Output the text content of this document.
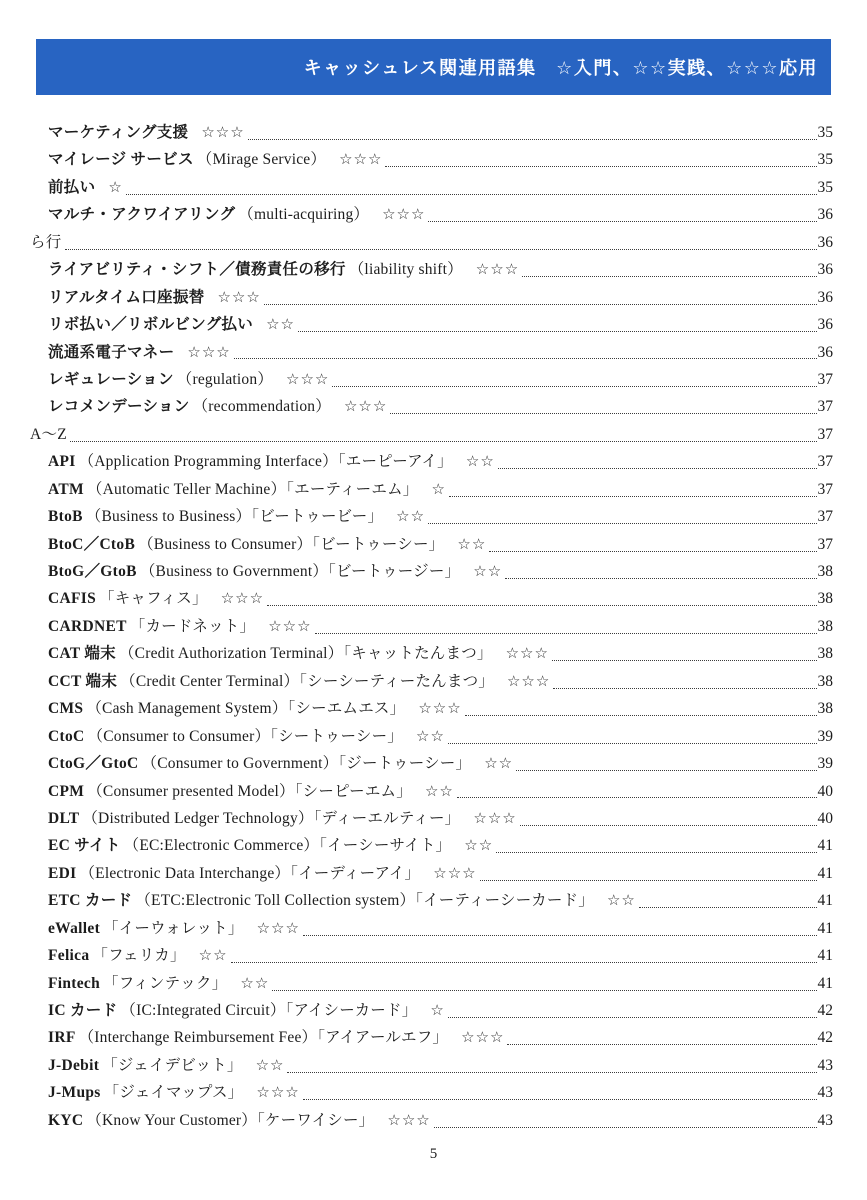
キャッシュレス関連用語集　☆入門、☆☆実践、☆☆☆応用
マーケティング支援 ☆☆☆	35
マイレージ サービス （Mirage Service） ☆☆☆	35
前払い ☆	35
マルチ・アクワイアリング （multi-acquiring） ☆☆☆	36
ら行	36
ライアビリティ・シフト／債務責任の移行 （liability shift） ☆☆☆	36
リアルタイム口座振替 ☆☆☆	36
リボ払い／リボルビング払い ☆☆	36
流通系電子マネー ☆☆☆	36
レギュレーション （regulation） ☆☆☆	37
レコメンデーション （recommendation） ☆☆☆	37
A～Z	37
API （Application Programming Interface）「エーピーアイ」 ☆☆	37
ATM （Automatic Teller Machine）「エーティーエム」 ☆	37
BtoB （Business to Business）「ビートゥービー」 ☆☆	37
BtoC／CtoB （Business to Consumer）「ビートゥーシー」 ☆☆	37
BtoG／GtoB （Business to Government）「ビートゥージー」 ☆☆	38
CAFIS 「キャフィス」 ☆☆☆	38
CARDNET 「カードネット」 ☆☆☆	38
CAT 端末 （Credit Authorization Terminal）「キャットたんまつ」 ☆☆☆	38
CCT 端末 （Credit Center Terminal）「シーシーティーたんまつ」 ☆☆☆	38
CMS （Cash Management System）「シーエムエス」 ☆☆☆	38
CtoC （Consumer to Consumer）「シートゥーシー」 ☆☆	39
CtoG／GtoC （Consumer to Government）「ジートゥーシー」 ☆☆	39
CPM （Consumer presented Model）「シーピーエム」 ☆☆	40
DLT （Distributed Ledger Technology）「ディーエルティー」 ☆☆☆	40
EC サイト （EC:Electronic Commerce）「イーシーサイト」 ☆☆	41
EDI （Electronic Data Interchange）「イーディーアイ」 ☆☆☆	41
ETC カード （ETC:Electronic Toll Collection system）「イーティーシーカード」 ☆☆	41
eWallet 「イーウォレット」 ☆☆☆	41
Felica 「フェリカ」 ☆☆	41
Fintech 「フィンテック」 ☆☆	41
IC カード （IC:Integrated Circuit）「アイシーカード」 ☆	42
IRF （Interchange Reimbursement Fee）「アイアールエフ」 ☆☆☆	42
J-Debit 「ジェイデビット」 ☆☆	43
J-Mups 「ジェイマップス」 ☆☆☆	43
KYC （Know Your Customer）「ケーワイシー」 ☆☆☆	43
5
